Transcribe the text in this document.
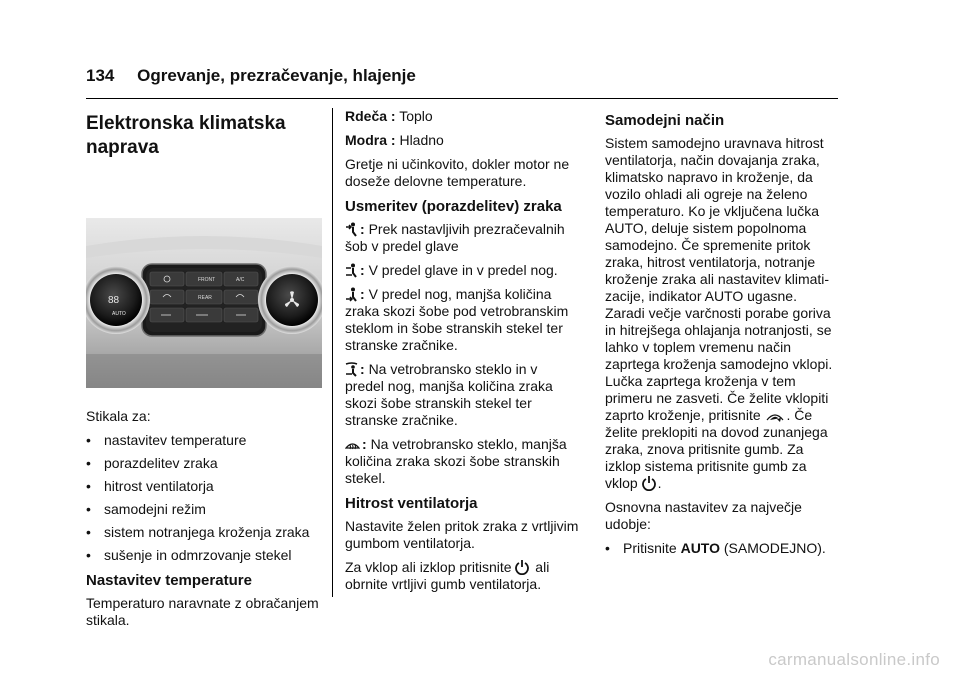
134 Ogrevanje, prezračevanje, hlajenje
Elektronska klimatska naprava
FRONT	A/C
REAR
88
AUTO

Stikala za:

• nastavitev temperature
• porazdelitev zraka
• hitrost ventilatorja
• samodejni režim
• sistem notranjega kroženja zraka
• sušenje in odmrzovanje stekel
Nastavitev temperature

Temperaturo naravnate z obračanjem stikala.

Rdeča : Toplo

Modra : Hladno

Gretje ni učinkovito, dokler motor ne doseže delovne temperature.

Usmeritev (porazdelitev) zraka

: Prek nastavljivih prezračevalnih šob v predel glave

: V predel glave in v predel nog.

: V predel nog, manjša količina zraka skozi šobe pod vetrobranskim steklom in šobe stranskih stekel ter stranske zračnike.

: Na vetrobransko steklo in v predel nog, manjša količina zraka skozi šobe stranskih stekel ter stranske zračnike.

: Na vetrobransko steklo, manjša količina zraka skozi šobe stranskih stekel.

Hitrost ventilatorja

Nastavite želen pritok zraka z vrtljivim gumbom ventilatorja.

Za vklop ali izklop pritisnite ali obrnite vrtljivi gumb ventilatorja.

Samodejni način

Sistem samodejno uravnava hitrost ventilatorja, način dovajanja zraka, klimatsko napravo in kroženje, da vozilo ohladi ali ogreje na želeno temperaturo. Ko je vključena lučka AUTO, deluje sistem popolnoma samodejno. Če spremenite pritok zraka, hitrost ventilatorja, notranje kroženje zraka ali nastavitev klimatizacije, indikator AUTO ugasne. Zaradi večje varčnosti porabe goriva in hitrejšega ohlajanja notranjosti, se lahko v toplem vremenu način zaprtega kroženja samodejno vklopi. Lučka zaprtega kroženja v tem primeru ne zasveti. Če želite vklopiti zaprto kroženje, pritisnite . Če želite preklopiti na dovod zunanjega zraka, znova pritisnite gumb. Za izklop sistema pritisnite gumb za vklop .

Osnovna nastavitev za največje udobje:

• Pritisnite AUTO (SAMODEJNO).
carmanualsonline.info
